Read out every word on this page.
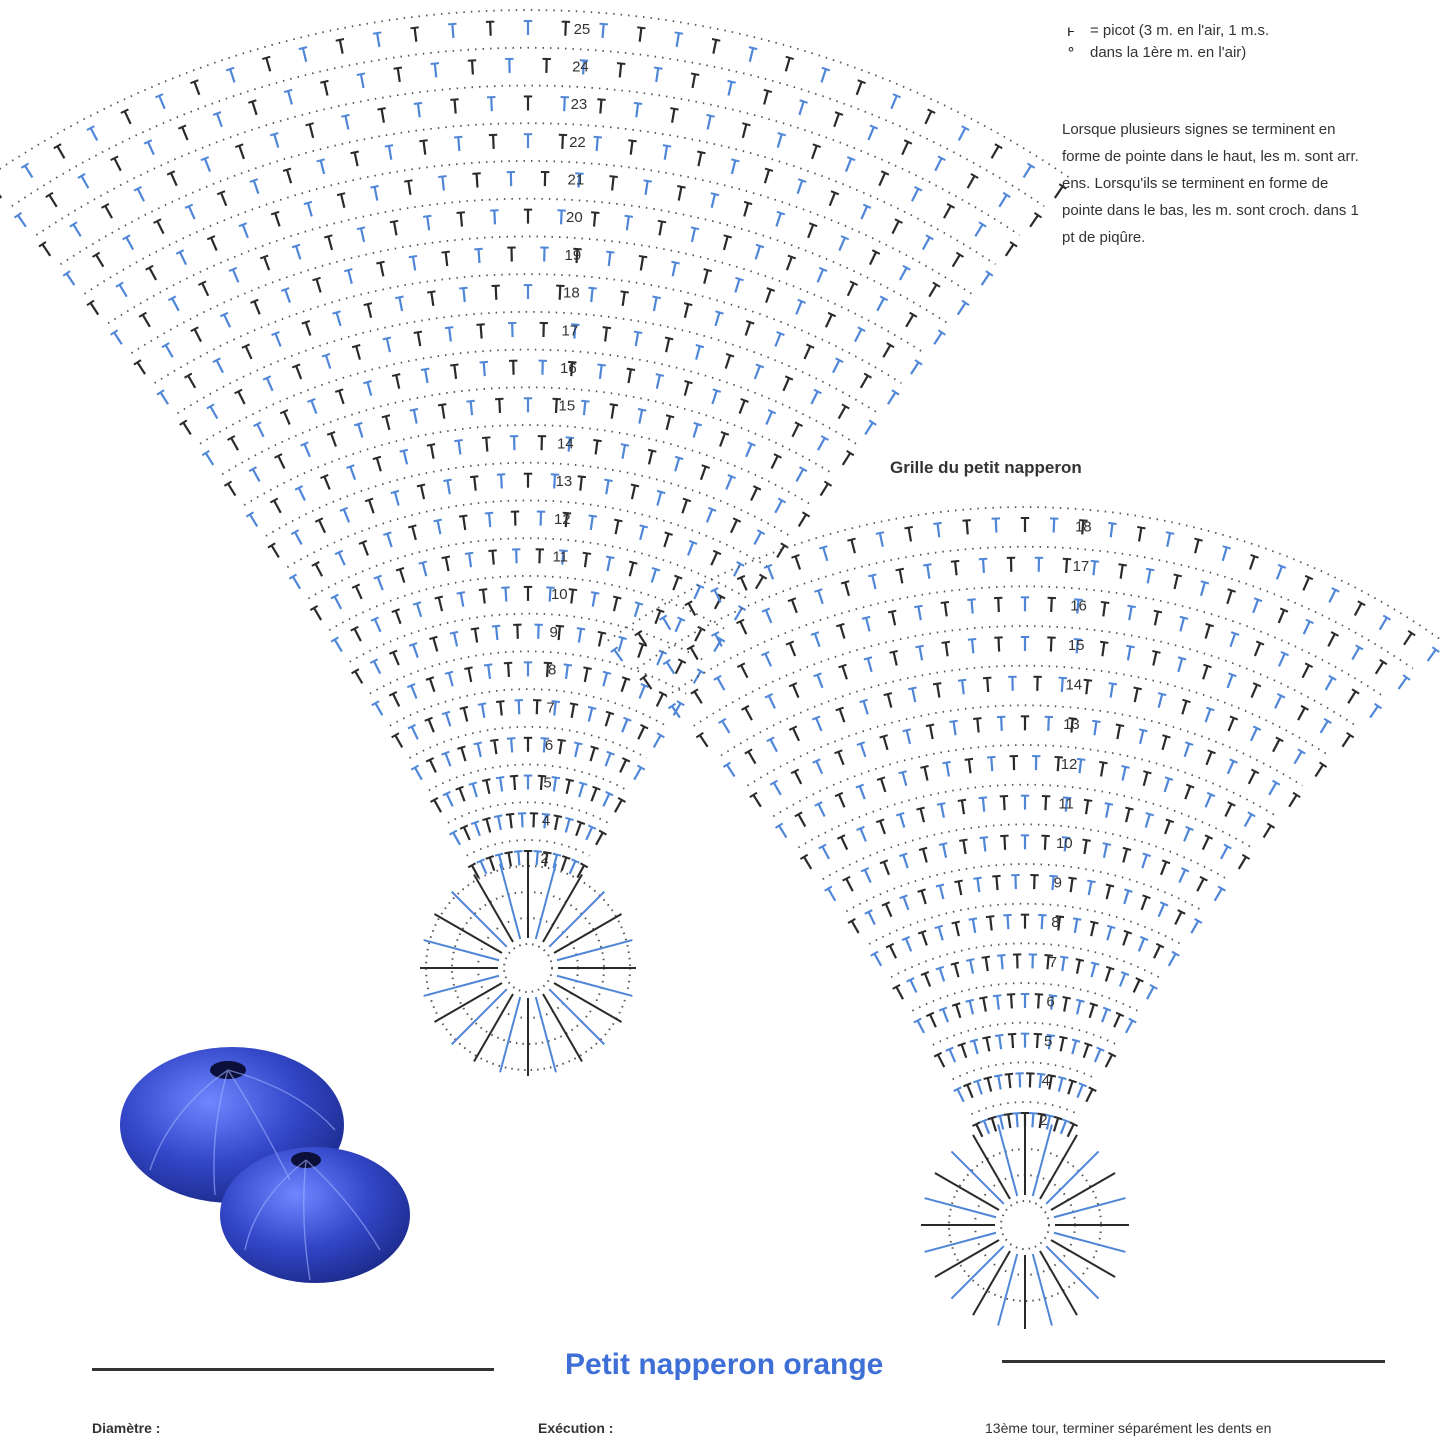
2
4
5
6
7
8
9
10
11
12
13
14
15
16
17
18
19
20
21
22
23
24
25
2
4
5
6
7
8
9
10
11
12
13
14
15
16
17
18
ⱶ = picot (3 m. en l'air, 1 m.s.
°	dans la 1ère m. en l'air)
Lorsque plusieurs signes se terminent en forme de pointe dans le haut, les m. sont arr. ens. Lorsqu'ils se terminent en forme de pointe dans le bas, les m. sont croch. dans 1 pt de piqûre.
Grille du petit napperon
Petit napperon orange
Diamètre :	Exécution :	13ème tour, terminer séparément les dents en
